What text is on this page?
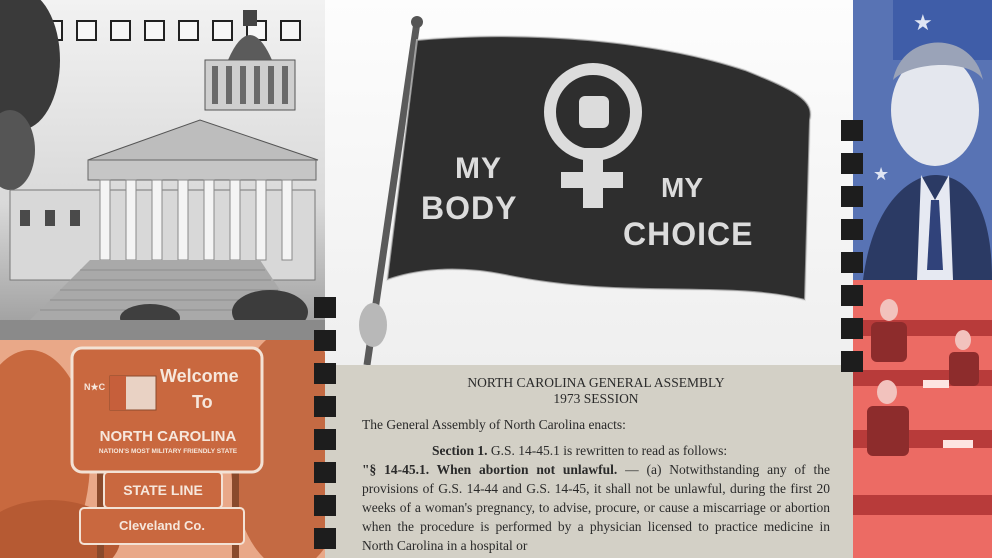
Welcome
To
N★C
NORTH CAROLINA
NATION'S MOST MILITARY FRIENDLY STATE
STATE LINE
Cleveland Co.
MY
BODY
MY
CHOICE
NORTH CAROLINA GENERAL ASSEMBLY
1973 SESSION

The General Assembly of North Carolina enacts:

Section 1. G.S. 14-45.1 is rewritten to read as follows:

"§ 14-45.1. When abortion not unlawful. — (a) Notwithstanding any of the provisions of G.S. 14-44 and G.S. 14-45, it shall not be unlawful, during the first 20 weeks of a woman's pregnancy, to advise, procure, or cause a miscarriage or abortion when the procedure is performed by a physician licensed to practice medicine in North Carolina in a hospital or

★
★
